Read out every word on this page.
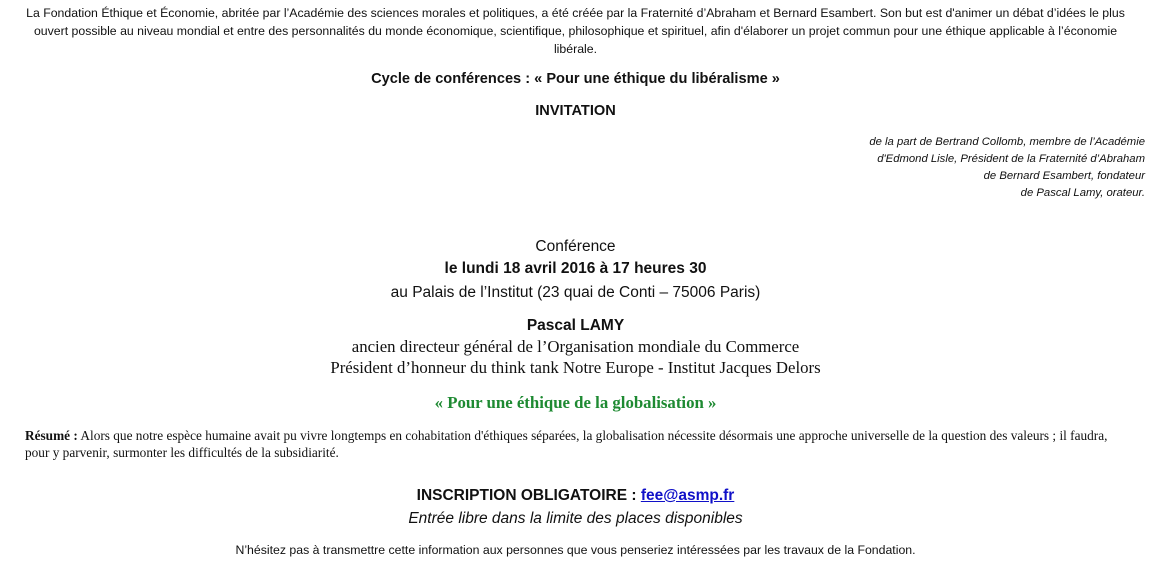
La Fondation Éthique et Économie, abritée par l’Académie des sciences morales et politiques, a été créée par la Fraternité d’Abraham et Bernard Esambert. Son but est d'animer un débat d’idées le plus ouvert possible au niveau mondial et entre des personnalités du monde économique, scientifique, philosophique et spirituel, afin d'élaborer un projet commun pour une éthique applicable à l’économie libérale.
Cycle de conférences : « Pour une éthique du libéralisme »
INVITATION
de la part de Bertrand Collomb, membre de l’Académie
d'Edmond Lisle, Président de la Fraternité d’Abraham
de Bernard Esambert, fondateur
de Pascal Lamy, orateur.
Conférence
le lundi 18 avril 2016 à 17 heures 30
au Palais de l’Institut (23 quai de Conti – 75006 Paris)
Pascal LAMY
ancien directeur général de l’Organisation mondiale du Commerce
Président d’honneur du think tank Notre Europe - Institut Jacques Delors
« Pour une éthique de la globalisation »
Résumé : Alors que notre espèce humaine avait pu vivre longtemps en cohabitation d'éthiques séparées, la globalisation nécessite désormais une approche universelle de la question des valeurs ; il faudra, pour y parvenir, surmonter les difficultés de la subsidiarité.
INSCRIPTION OBLIGATOIRE : fee@asmp.fr
Entrée libre dans la limite des places disponibles
N’hésitez pas à transmettre cette information aux personnes que vous penseriez intéressées par les travaux de la Fondation.
